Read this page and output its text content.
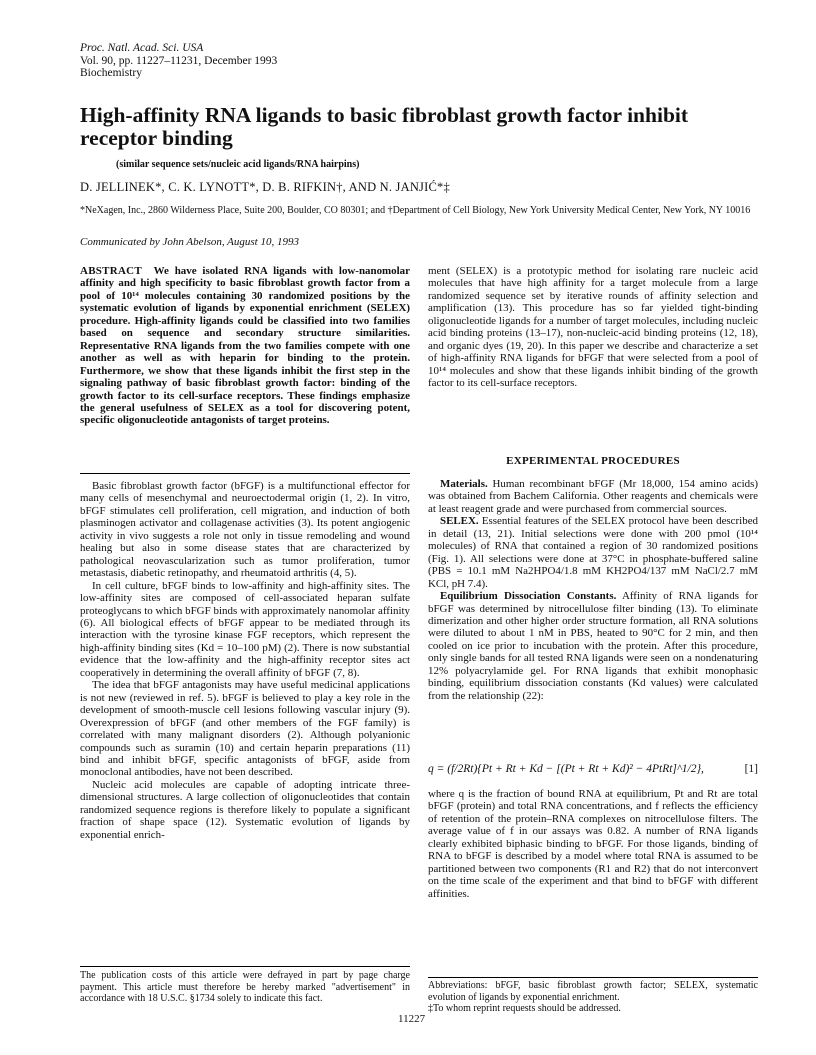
Proc. Natl. Acad. Sci. USA
Vol. 90, pp. 11227–11231, December 1993
Biochemistry
High-affinity RNA ligands to basic fibroblast growth factor inhibit receptor binding
(similar sequence sets/nucleic acid ligands/RNA hairpins)
D. JELLINEK*, C. K. LYNOTT*, D. B. RIFKIN†, AND N. JANJIĆ*‡
*NeXagen, Inc., 2860 Wilderness Place, Suite 200, Boulder, CO 80301; and †Department of Cell Biology, New York University Medical Center, New York, NY 10016
Communicated by John Abelson, August 10, 1993

ABSTRACT We have isolated RNA ligands with low-nanomolar affinity and high specificity to basic fibroblast growth factor from a pool of 10¹⁴ molecules containing 30 randomized positions by the systematic evolution of ligands by exponential enrichment (SELEX) procedure. High-affinity ligands could be classified into two families based on sequence and secondary structure similarities. Representative RNA ligands from the two families compete with one another as well as with heparin for binding to the protein. Furthermore, we show that these ligands inhibit the first step in the signaling pathway of basic fibroblast growth factor: binding of the growth factor to its cell-surface receptors. These findings emphasize the general usefulness of SELEX as a tool for discovering potent, specific oligonucleotide antagonists of target proteins.

Basic fibroblast growth factor (bFGF) is a multifunctional effector for many cells of mesenchymal and neuroectodermal origin (1, 2). In vitro, bFGF stimulates cell proliferation, cell migration, and induction of both plasminogen activator and collagenase activities (3). Its potent angiogenic activity in vivo suggests a role not only in tissue remodeling and wound healing but also in some disease states that are characterized by pathological neovascularization such as tumor proliferation, tumor metastasis, diabetic retinopathy, and rheumatoid arthritis (4, 5).

In cell culture, bFGF binds to low-affinity and high-affinity sites. The low-affinity sites are composed of cell-associated heparan sulfate proteoglycans to which bFGF binds with approximately nanomolar affinity (6). All biological effects of bFGF appear to be mediated through its interaction with the tyrosine kinase FGF receptors, which represent the high-affinity binding sites (Kd = 10–100 pM) (2). There is now substantial evidence that the low-affinity and the high-affinity receptor sites act cooperatively in determining the overall affinity of bFGF (7, 8).

The idea that bFGF antagonists may have useful medicinal applications is not new (reviewed in ref. 5). bFGF is believed to play a key role in the development of smooth-muscle cell lesions following vascular injury (9). Overexpression of bFGF (and other members of the FGF family) is correlated with many malignant disorders (2). Although polyanionic compounds such as suramin (10) and certain heparin preparations (11) bind and inhibit bFGF, specific antagonists of bFGF, aside from monoclonal antibodies, have not been described.

Nucleic acid molecules are capable of adopting intricate three-dimensional structures. A large collection of oligonucleotides that contain randomized sequence regions is therefore likely to populate a significant fraction of shape space (12). Systematic evolution of ligands by exponential enrich-

The publication costs of this article were defrayed in part by page charge payment. This article must therefore be hereby marked "advertisement" in accordance with 18 U.S.C. §1734 solely to indicate this fact.

ment (SELEX) is a prototypic method for isolating rare nucleic acid molecules that have high affinity for a target molecule from a large randomized sequence set by iterative rounds of affinity selection and amplification (13). This procedure has so far yielded tight-binding oligonucleotide ligands for a number of target molecules, including nucleic acid binding proteins (13–17), non-nucleic-acid binding proteins (12, 18), and organic dyes (19, 20). In this paper we describe and characterize a set of high-affinity RNA ligands for bFGF that were selected from a pool of 10¹⁴ molecules and show that these ligands inhibit binding of the growth factor to its cell-surface receptors.

EXPERIMENTAL PROCEDURES

Materials. Human recombinant bFGF (Mr 18,000, 154 amino acids) was obtained from Bachem California. Other reagents and chemicals were at least reagent grade and were purchased from commercial sources.

SELEX. Essential features of the SELEX protocol have been described in detail (13, 21). Initial selections were done with 200 pmol (10¹⁴ molecules) of RNA that contained a region of 30 randomized positions (Fig. 1). All selections were done at 37°C in phosphate-buffered saline (PBS = 10.1 mM Na2HPO4/1.8 mM KH2PO4/137 mM NaCl/2.7 mM KCl, pH 7.4).

Equilibrium Dissociation Constants. Affinity of RNA ligands for bFGF was determined by nitrocellulose filter binding (13). To eliminate dimerization and other higher order structure formation, all RNA solutions were diluted to about 1 nM in PBS, heated to 90°C for 2 min, and then cooled on ice prior to incubation with the protein. After this procedure, only single bands for all tested RNA ligands were seen on a nondenaturing 12% polyacrylamide gel. For RNA ligands that exhibit monophasic binding, equilibrium dissociation constants (Kd values) were calculated from the relationship (22):

q = (f/2Rt){Pt + Rt + Kd − [(Pt + Rt + Kd)² − 4PtRt]^1/2},	[1]

where q is the fraction of bound RNA at equilibrium, Pt and Rt are total bFGF (protein) and total RNA concentrations, and f reflects the efficiency of retention of the protein–RNA complexes on nitrocellulose filters. The average value of f in our assays was 0.82. A number of RNA ligands clearly exhibited biphasic binding to bFGF. For those ligands, binding of RNA to bFGF is described by a model where total RNA is assumed to be partitioned between two components (R1 and R2) that do not interconvert on the time scale of the experiment and that bind to bFGF with different affinities.

Abbreviations: bFGF, basic fibroblast growth factor; SELEX, systematic evolution of ligands by exponential enrichment.
‡To whom reprint requests should be addressed.
11227
